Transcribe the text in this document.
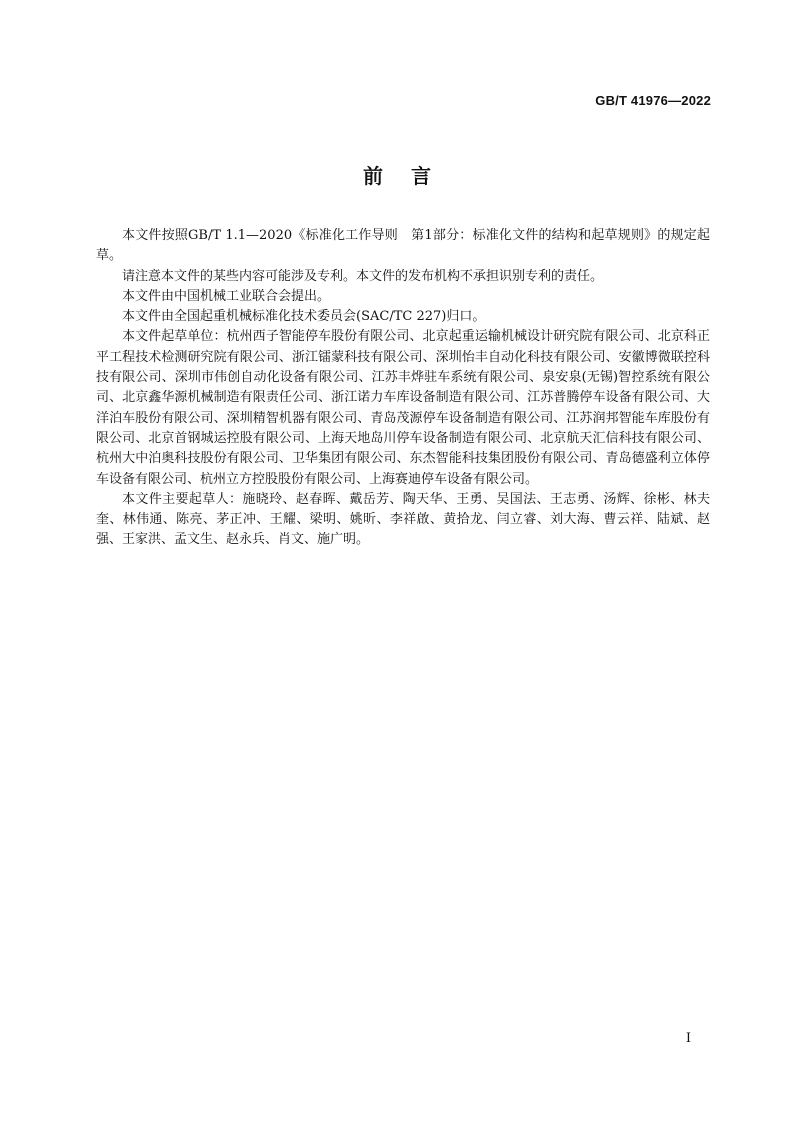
GB/T 41976—2022
前言

本文件按照GB/T 1.1—2020《标准化工作导则　第1部分：标准化文件的结构和起草规则》的规定起草。

请注意本文件的某些内容可能涉及专利。本文件的发布机构不承担识别专利的责任。

本文件由中国机械工业联合会提出。

本文件由全国起重机械标准化技术委员会(SAC/TC 227)归口。

本文件起草单位：杭州西子智能停车股份有限公司、北京起重运输机械设计研究院有限公司、北京科正平工程技术检测研究院有限公司、浙江镭蒙科技有限公司、深圳怡丰自动化科技有限公司、安徽博微联控科技有限公司、深圳市伟创自动化设备有限公司、江苏丰烨驻车系统有限公司、泉安泉(无锡)智控系统有限公司、北京鑫华源机械制造有限责任公司、浙江诺力车库设备制造有限公司、江苏普腾停车设备有限公司、大洋泊车股份有限公司、深圳精智机器有限公司、青岛茂源停车设备制造有限公司、江苏润邦智能车库股份有限公司、北京首钢城运控股有限公司、上海天地岛川停车设备制造有限公司、北京航天汇信科技有限公司、杭州大中泊奥科技股份有限公司、卫华集团有限公司、东杰智能科技集团股份有限公司、青岛德盛利立体停车设备有限公司、杭州立方控股股份有限公司、上海赛迪停车设备有限公司。

本文件主要起草人：施晓玲、赵春晖、戴岳芳、陶天华、王勇、吴国法、王志勇、汤辉、徐彬、林夫奎、林伟通、陈亮、茅正冲、王耀、梁明、姚昕、李祥啟、黄拾龙、闫立睿、刘大海、曹云祥、陆斌、赵强、王家洪、孟文生、赵永兵、肖文、施广明。

I
